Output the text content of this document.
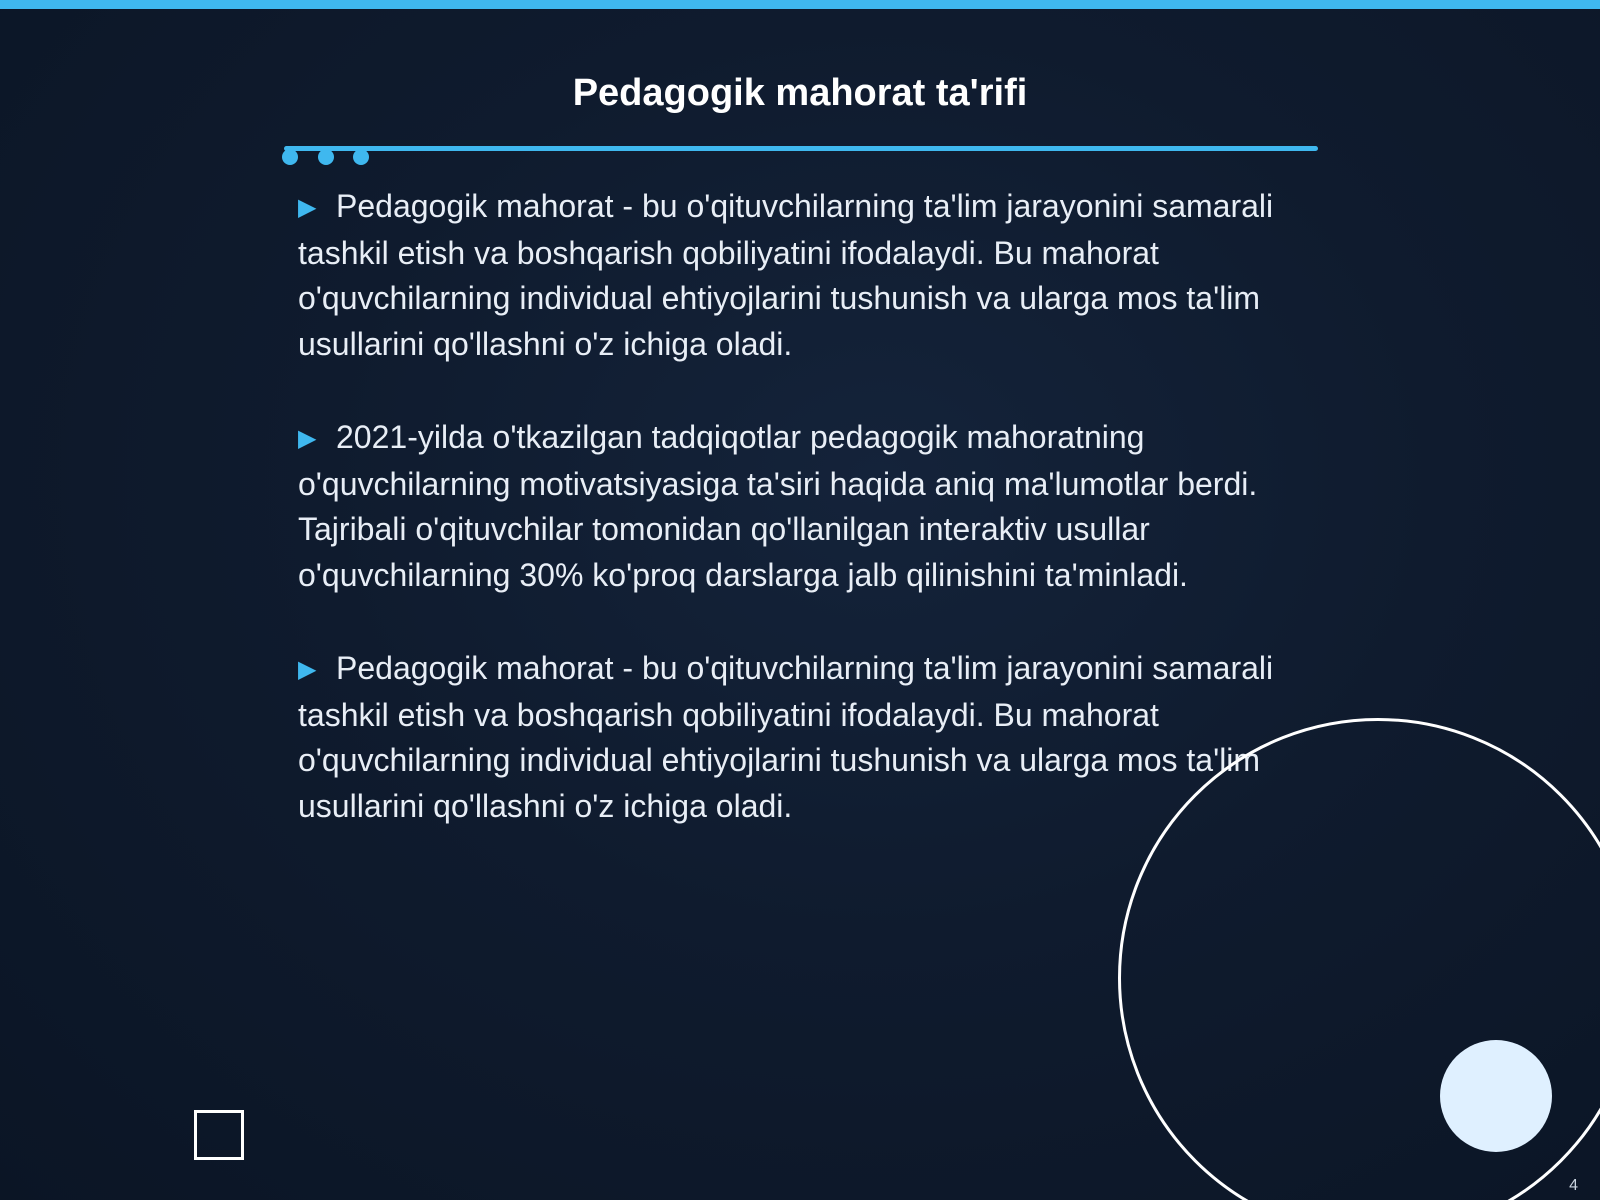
Pedagogik mahorat ta'rifi
▶ Pedagogik mahorat - bu o'qituvchilarning ta'lim jarayonini samarali tashkil etish va boshqarish qobiliyatini ifodalaydi. Bu mahorat o'quvchilarning individual ehtiyojlarini tushunish va ularga mos ta'lim usullarini qo'llashni o'z ichiga oladi.
▶ 2021-yilda o'tkazilgan tadqiqotlar pedagogik mahoratning o'quvchilarning motivatsiyasiga ta'siri haqida aniq ma'lumotlar berdi. Tajribali o'qituvchilar tomonidan qo'llanilgan interaktiv usullar o'quvchilarning 30% ko'proq darslarga jalb qilinishini ta'minladi.
▶ Pedagogik mahorat - bu o'qituvchilarning ta'lim jarayonini samarali tashkil etish va boshqarish qobiliyatini ifodalaydi. Bu mahorat o'quvchilarning individual ehtiyojlarini tushunish va ularga mos ta'lim usullarini qo'llashni o'z ichiga oladi.
4
